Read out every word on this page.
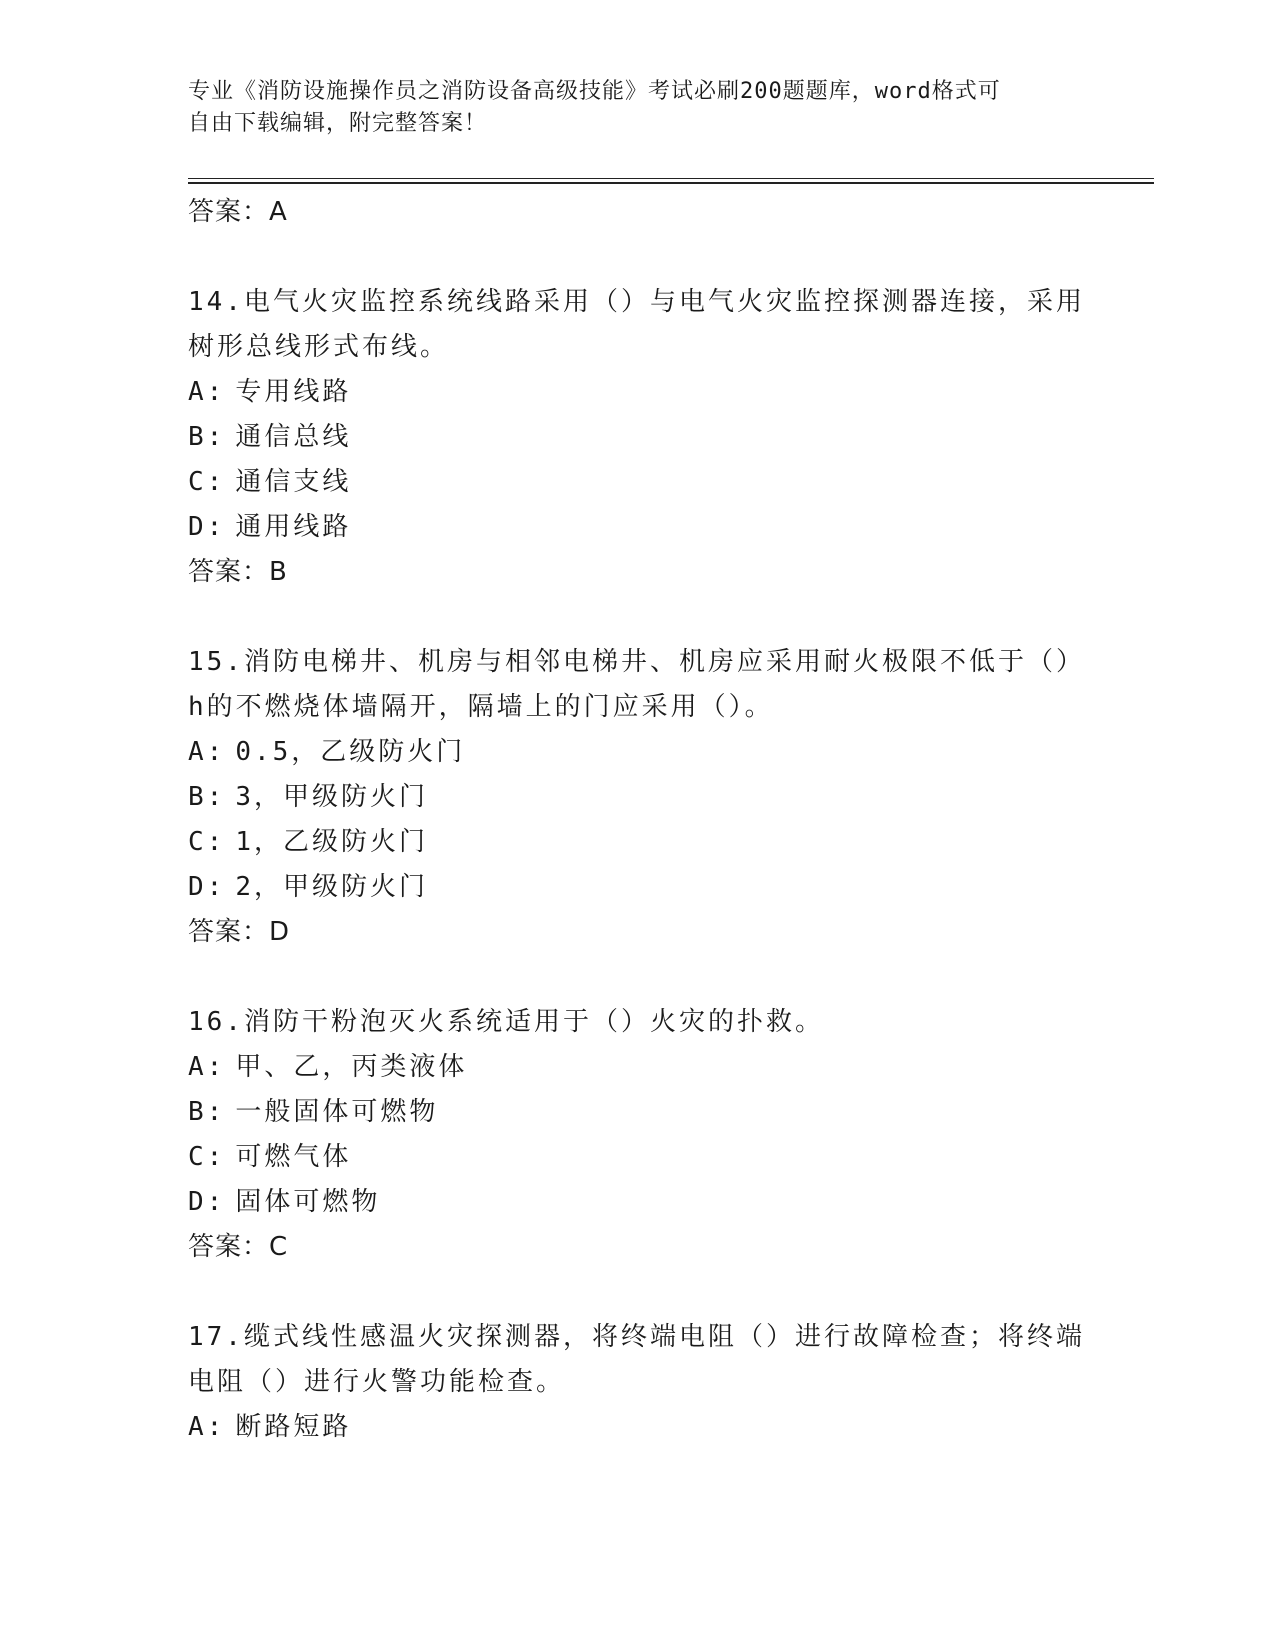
专业《消防设施操作员之消防设备高级技能》考试必刷200题题库，word格式可
自由下载编辑，附完整答案！
答案：A
14.电气火灾监控系统线路采用（）与电气火灾监控探测器连接，采用
树形总线形式布线。
A: 专用线路
B: 通信总线
C: 通信支线
D: 通用线路
答案：B
15.消防电梯井、机房与相邻电梯井、机房应采用耐火极限不低于（）
h的不燃烧体墙隔开，隔墙上的门应采用（）。
A: 0.5，乙级防火门
B: 3，甲级防火门
C: 1，乙级防火门
D: 2，甲级防火门
答案：D
16.消防干粉泡灭火系统适用于（）火灾的扑救。
A: 甲、乙，丙类液体
B: 一般固体可燃物
C: 可燃气体
D: 固体可燃物
答案：C
17.缆式线性感温火灾探测器，将终端电阻（）进行故障检查；将终端
电阻（）进行火警功能检查。
A: 断路短路
